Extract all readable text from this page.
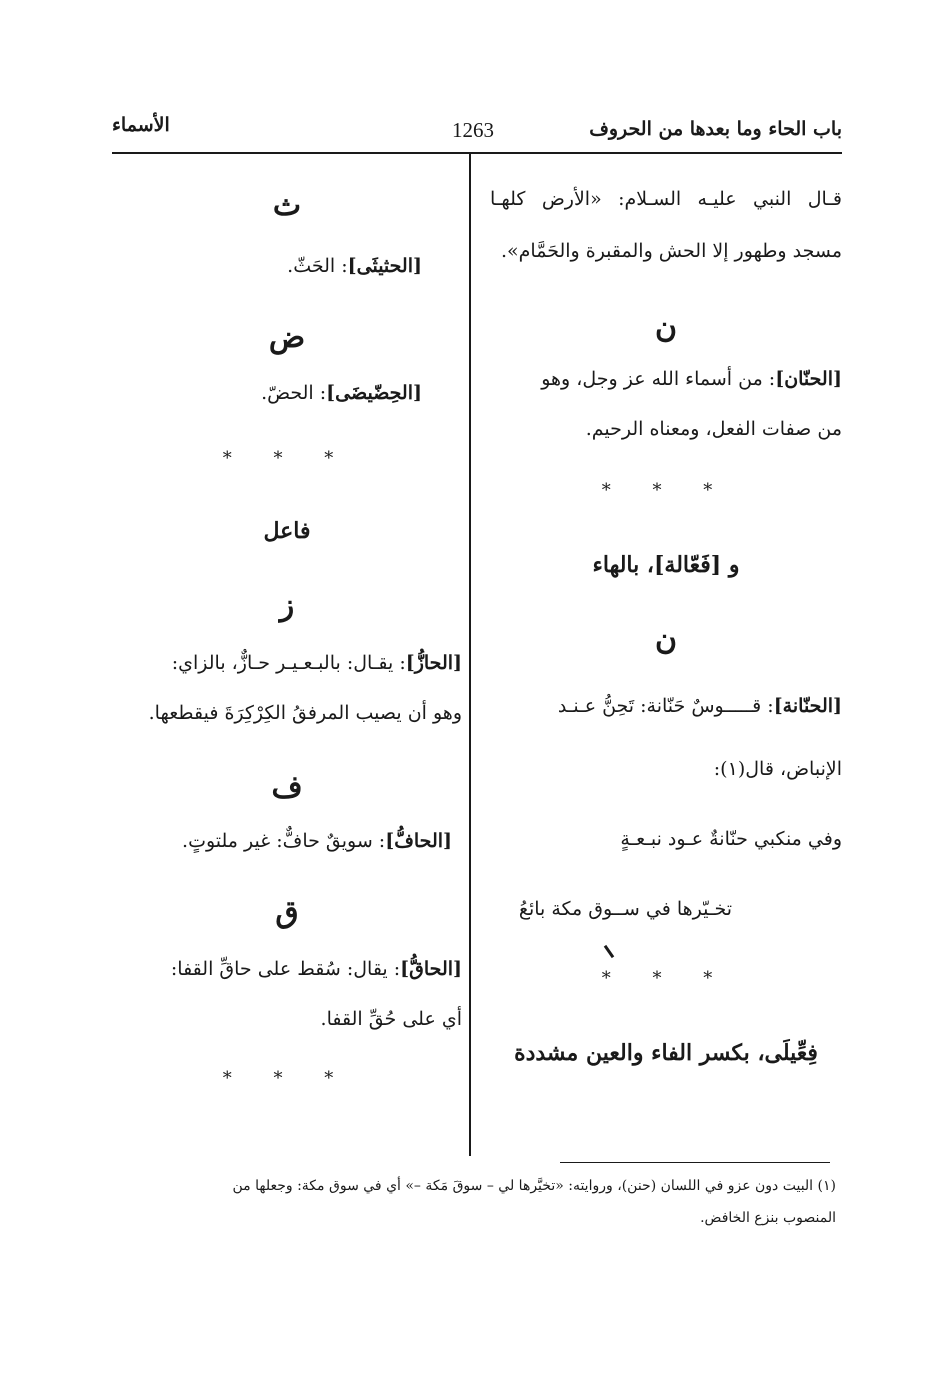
باب الحاء وما بعدها من الحروف
1263
الأسماء
قـال النبي عليـه السـلام: «الأرض كلهـا
مسجد وطهور إلا الحش والمقبرة والحَمَّام».
ن
[الحنّان]: من أسماء الله عز وجل، وهو
من صفات الفعل، ومعناه الرحيم.
* * *
و [فَعّالة]، بالهاء
ن
[الحنّانة]: قـــــوسٌ حَنّانة: تَحِنُّ عـنـد
الإنباض، قال(١):
وفي منكبي حنّانةٌ عـود نبـعـةٍ
تخـيّرها في ســوق مكة بائعُ
* * *
فِعِّيلَى، بكسر الفاء والعين مشددة
ث
[الحثيثَى]: الحَثّ.
ض
[الحِضّيضَى]: الحضّ.
* * *
فاعل
ز
[الحازُّ]: يقـال: بالبـعـيـر حـازٌّ، بالزاي:
وهو أن يصيب المرفقُ الكِرْكِرَةَ فيقطعها.
ف
[الحافُّ]: سويقٌ حافٌّ: غير ملتوتٍ.
ق
[الحاقُّ]: يقال: سُقط على حاقِّ القفا:
أي على حُقِّ القفا.
* * *
(١) البيت دون عزو في اللسان (حنن)، وروايته: «تخيَّرها لي – سوقَ مَكة –» أي في سوق مكة: وجعلها من
المنصوب بنزع الخافض.
